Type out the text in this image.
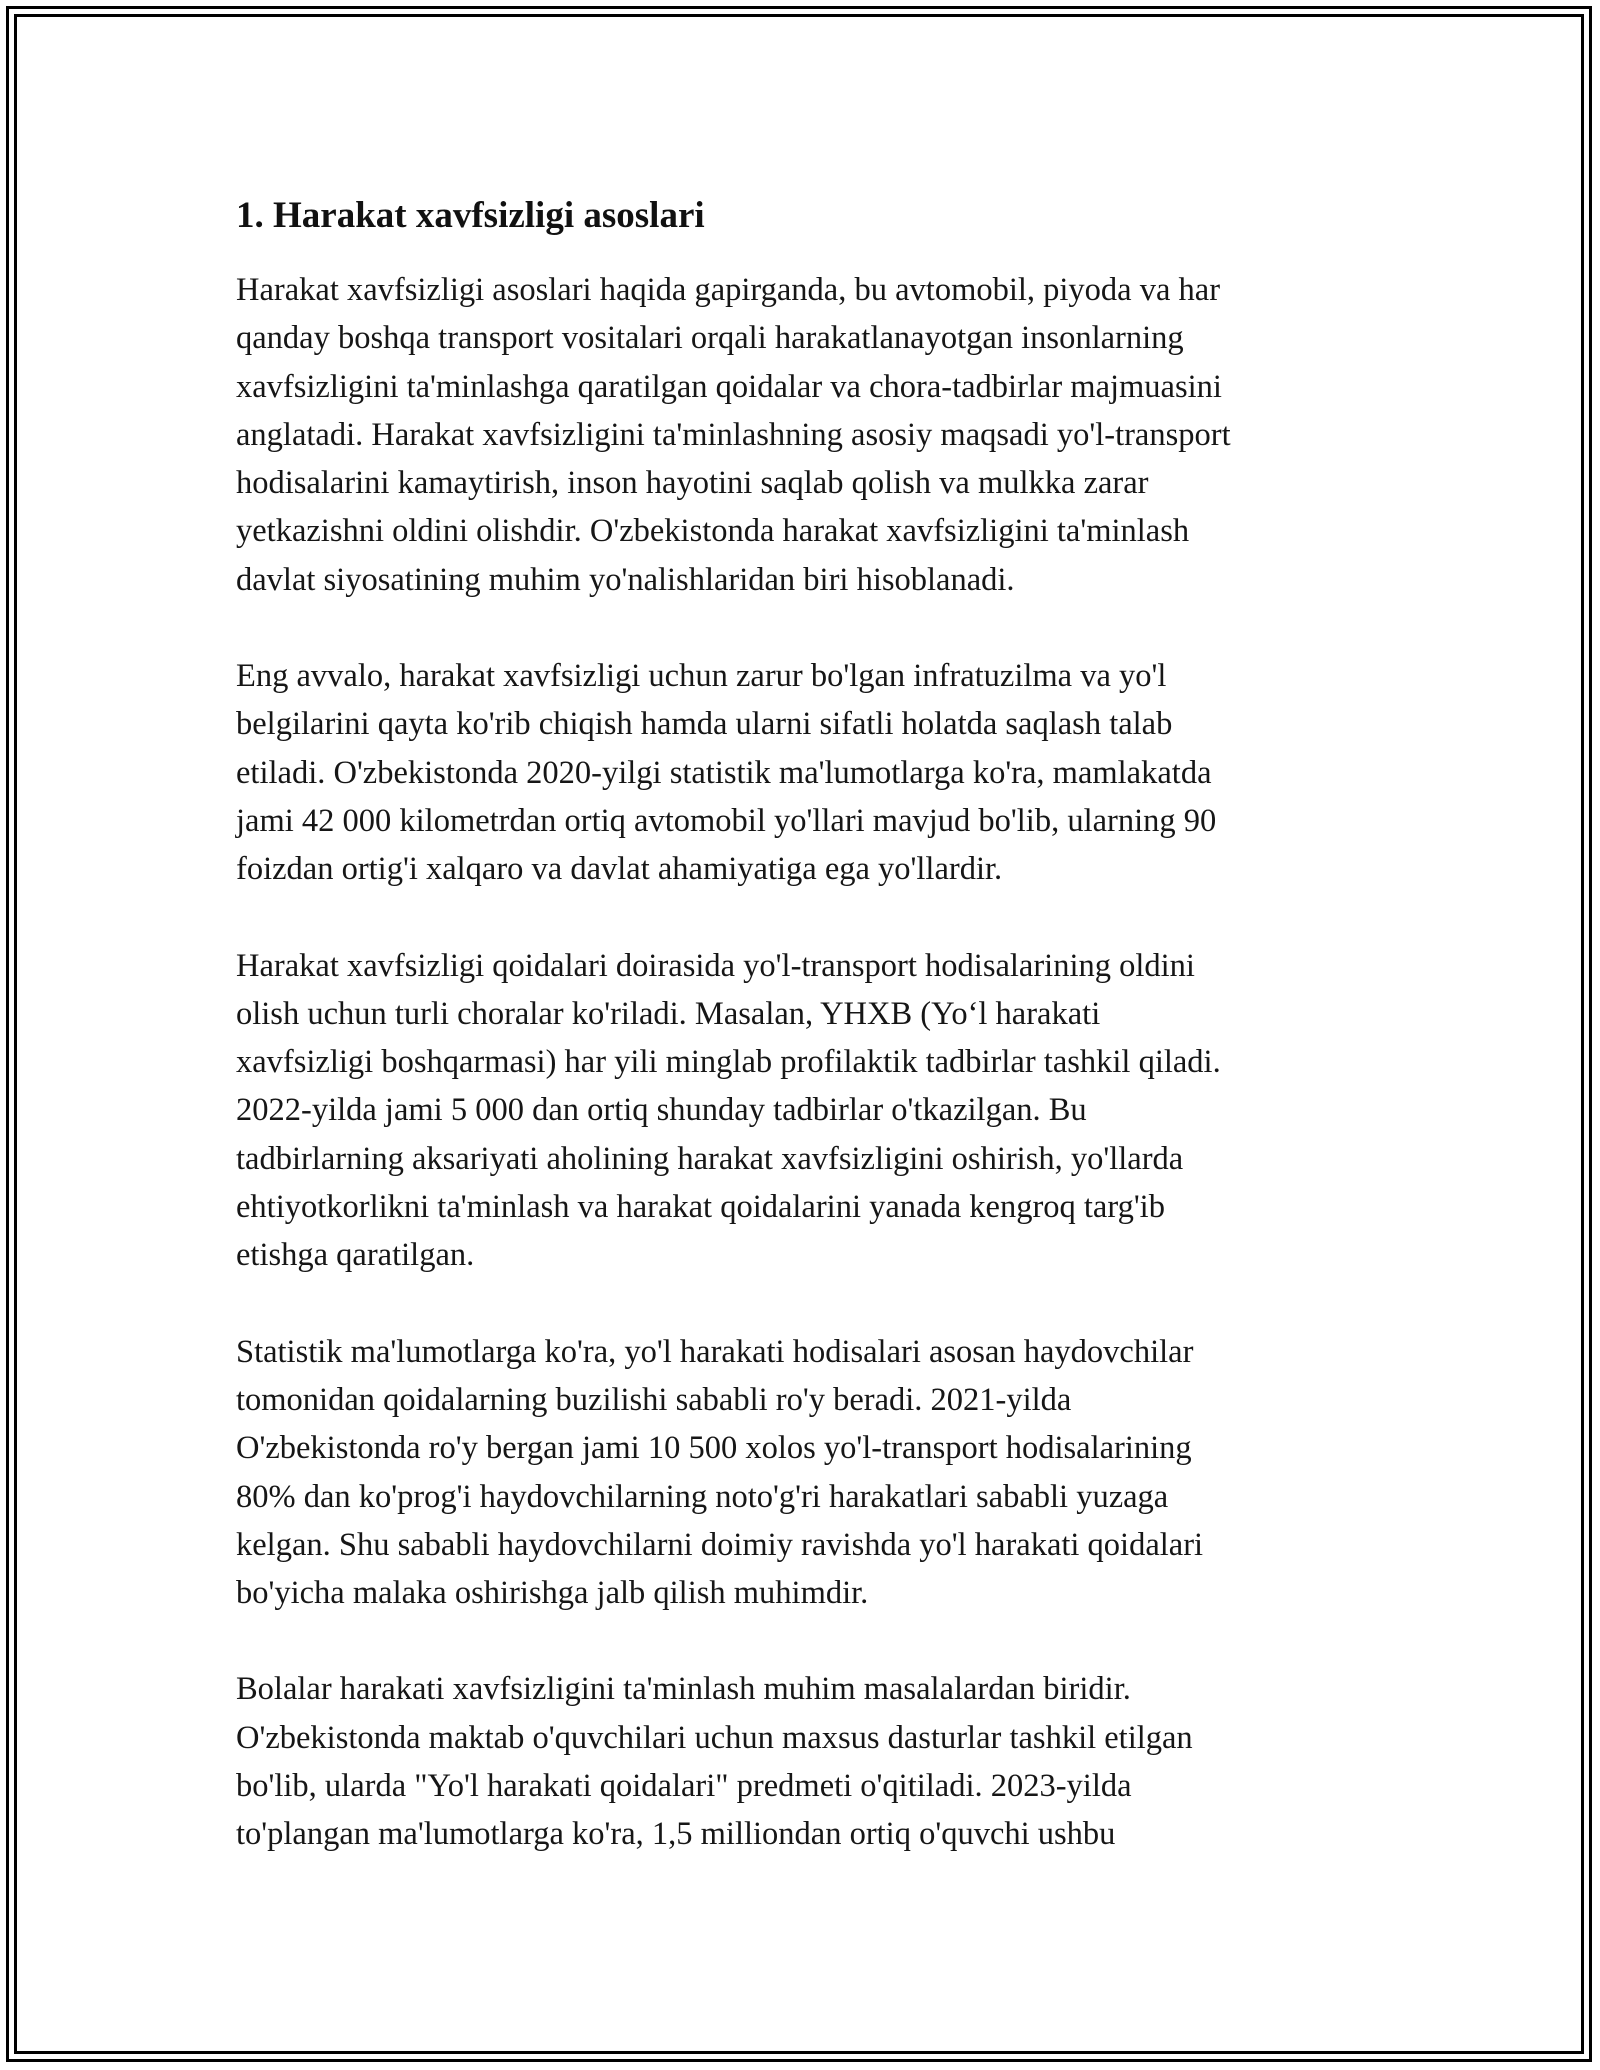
1. Harakat xavfsizligi asoslari

Harakat xavfsizligi asoslari haqida gapirganda, bu avtomobil, piyoda va har
qanday boshqa transport vositalari orqali harakatlanayotgan insonlarning
xavfsizligini ta'minlashga qaratilgan qoidalar va chora-tadbirlar majmuasini
anglatadi. Harakat xavfsizligini ta'minlashning asosiy maqsadi yo'l-transport
hodisalarini kamaytirish, inson hayotini saqlab qolish va mulkka zarar
yetkazishni oldini olishdir. O'zbekistonda harakat xavfsizligini ta'minlash
davlat siyosatining muhim yo'nalishlaridan biri hisoblanadi.

Eng avvalo, harakat xavfsizligi uchun zarur bo'lgan infratuzilma va yo'l
belgilarini qayta ko'rib chiqish hamda ularni sifatli holatda saqlash talab
etiladi. O'zbekistonda 2020-yilgi statistik ma'lumotlarga ko'ra, mamlakatda
jami 42 000 kilometrdan ortiq avtomobil yo'llari mavjud bo'lib, ularning 90
foizdan ortig'i xalqaro va davlat ahamiyatiga ega yo'llardir.

Harakat xavfsizligi qoidalari doirasida yo'l-transport hodisalarining oldini
olish uchun turli choralar ko'riladi. Masalan, YHXB (Yo‘l harakati
xavfsizligi boshqarmasi) har yili minglab profilaktik tadbirlar tashkil qiladi.
2022-yilda jami 5 000 dan ortiq shunday tadbirlar o'tkazilgan. Bu
tadbirlarning aksariyati aholining harakat xavfsizligini oshirish, yo'llarda
ehtiyotkorlikni ta'minlash va harakat qoidalarini yanada kengroq targ'ib
etishga qaratilgan.

Statistik ma'lumotlarga ko'ra, yo'l harakati hodisalari asosan haydovchilar
tomonidan qoidalarning buzilishi sababli ro'y beradi. 2021-yilda
O'zbekistonda ro'y bergan jami 10 500 xolos yo'l-transport hodisalarining
80% dan ko'prog'i haydovchilarning noto'g'ri harakatlari sababli yuzaga
kelgan. Shu sababli haydovchilarni doimiy ravishda yo'l harakati qoidalari
bo'yicha malaka oshirishga jalb qilish muhimdir.

Bolalar harakati xavfsizligini ta'minlash muhim masalalardan biridir.
O'zbekistonda maktab o'quvchilari uchun maxsus dasturlar tashkil etilgan
bo'lib, ularda "Yo'l harakati qoidalari" predmeti o'qitiladi. 2023-yilda
to'plangan ma'lumotlarga ko'ra, 1,5 milliondan ortiq o'quvchi ushbu
